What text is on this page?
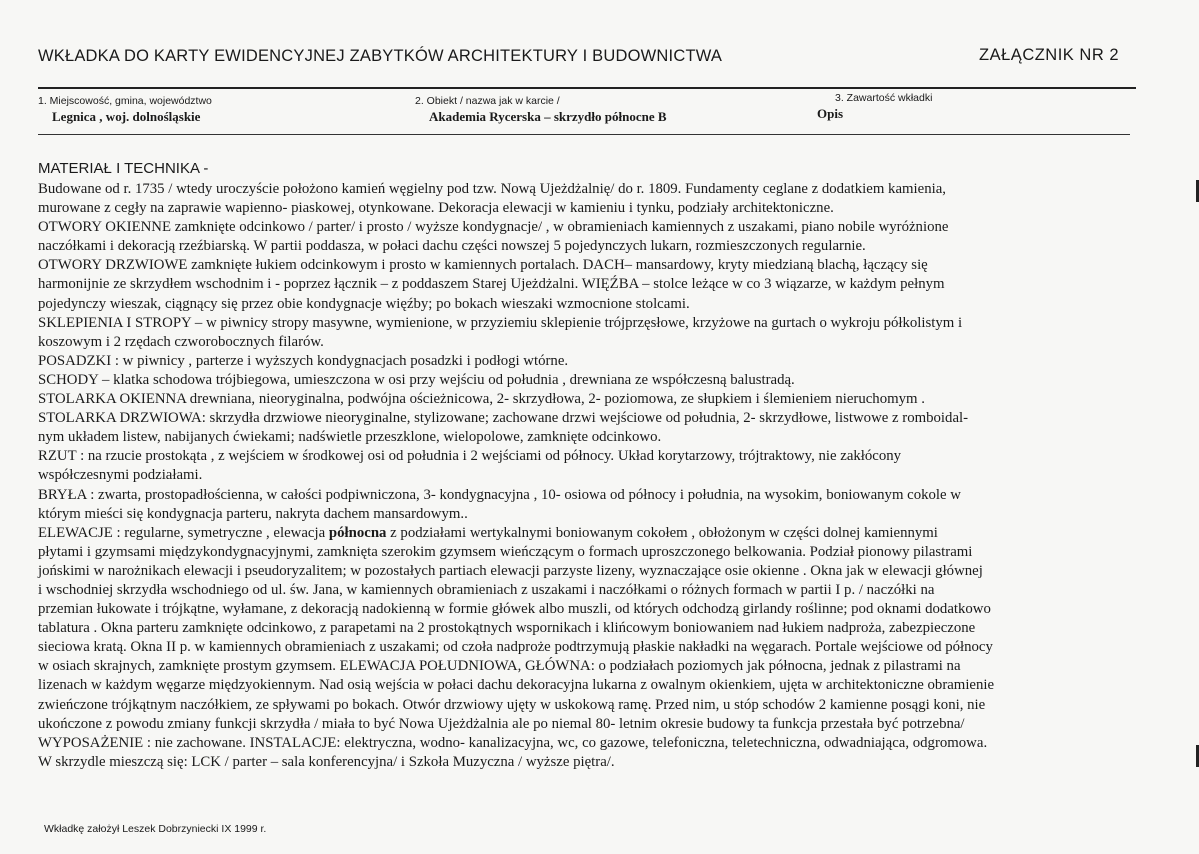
WKŁADKA DO KARTY EWIDENCYJNEJ ZABYTKÓW ARCHITEKTURY I BUDOWNICTWA	ZAŁĄCZNIK NR 2
1. Miejscowość, gmina, województwo
Legnica , woj. dolnośląskie
2. Obiekt / nazwa jak w karcie /
Akademia Rycerska – skrzydło północne B
3. Zawartość wkładki
Opis
MATERIAŁ I TECHNIKA -
Budowane od r. 1735 / wtedy uroczyście położono kamień węgielny pod tzw. Nową Ujeżdżalnię/ do r. 1809. Fundamenty ceglane z dodatkiem kamienia,
murowane z cegły na zaprawie wapienno- piaskowej, otynkowane. Dekoracja elewacji w kamieniu i tynku, podziały architektoniczne.
OTWORY OKIENNE zamknięte odcinkowo / parter/ i prosto / wyższe kondygnacje/ , w obramieniach kamiennych z uszakami, piano nobile wyróżnione
naczółkami i dekoracją rzeźbiarską. W partii poddasza, w połaci dachu części nowszej 5 pojedynczych lukarn, rozmieszczonych regularnie.
OTWORY DRZWIOWE zamknięte łukiem odcinkowym i prosto w kamiennych portalach. DACH– mansardowy, kryty miedzianą blachą, łączący się
harmonijnie ze skrzydłem wschodnim i - poprzez łącznik – z poddaszem Starej Ujeżdżalni. WIĘŹBA – stolce leżące w co 3 wiązarze, w każdym pełnym
pojedynczy wieszak, ciągnący się przez obie kondygnacje więźby; po bokach wieszaki wzmocnione stolcami.
SKLEPIENIA I STROPY – w piwnicy stropy masywne, wymienione, w przyziemiu sklepienie trójprzęsłowe, krzyżowe na gurtach o wykroju półkolistym i
koszowym i 2 rzędach czworobocznych filarów.
POSADZKI : w piwnicy , parterze i wyższych kondygnacjach posadzki i podłogi wtórne.
SCHODY – klatka schodowa trójbiegowa, umieszczona w osi przy wejściu od południa , drewniana ze współczesną balustradą.
STOLARKA OKIENNA drewniana, nieoryginalna, podwójna ościeżnicowa, 2- skrzydłowa, 2- poziomowa, ze słupkiem i ślemieniem nieruchomym .
STOLARKA DRZWIOWA: skrzydła drzwiowe nieoryginalne, stylizowane; zachowane drzwi wejściowe od południa, 2- skrzydłowe, listwowe z romboidal-
nym układem listew, nabijanych ćwiekami; nadświetle przeszklone, wielopolowe, zamknięte odcinkowo.
RZUT : na rzucie prostokąta , z wejściem w środkowej osi od południa i 2 wejściami od północy. Układ korytarzowy, trójtraktowy, nie zakłócony
współczesnymi podziałami.
BRYŁA : zwarta, prostopadłościenna, w całości podpiwniczona, 3- kondygnacyjna , 10- osiowa od północy i południa, na wysokim, boniowanym cokole w
którym mieści się kondygnacja parteru, nakryta dachem mansardowym..
ELEWACJE : regularne, symetryczne , elewacja północna z podziałami wertykalnymi boniowanym cokołem , obłożonym w części dolnej kamiennymi
płytami i gzymsami międzykondygnacyjnymi, zamknięta szerokim gzymsem wieńczącym o formach uproszczonego belkowania. Podział pionowy pilastrami
jońskimi w narożnikach elewacji i pseudoryzalitem; w pozostałych partiach elewacji parzyste lizeny, wyznaczające osie okienne . Okna jak w elewacji głównej
i wschodniej skrzydła wschodniego od ul. św. Jana, w kamiennych obramieniach z uszakami i naczółkami o różnych formach w partii I p. / naczółki na
przemian łukowate i trójkątne, wyłamane, z dekoracją nadokienną w formie główek albo muszli, od których odchodzą girlandy roślinne; pod oknami dodatkowo
tablatura . Okna parteru zamknięte odcinkowo, z parapetami na 2 prostokątnych wspornikach i klińcowym boniowaniem nad łukiem nadproża, zabezpieczone
sieciowa kratą. Okna II p. w kamiennych obramieniach z uszakami; od czoła nadproże podtrzymują płaskie nakładki na węgarach. Portale wejściowe od północy
w osiach skrajnych, zamknięte prostym gzymsem. ELEWACJA POŁUDNIOWA, GŁÓWNA: o podziałach poziomych jak północna, jednak z pilastrami na
lizenach w każdym węgarze międzyokiennym. Nad osią wejścia w połaci dachu dekoracyjna lukarna z owalnym okienkiem, ujęta w architektoniczne obramienie
zwieńczone trójkątnym naczółkiem, ze spływami po bokach. Otwór drzwiowy ujęty w uskokową ramę. Przed nim, u stóp schodów 2 kamienne posągi koni, nie
ukończone z powodu zmiany funkcji skrzydła / miała to być Nowa Ujeżdżalnia ale po niemal 80- letnim okresie budowy ta funkcja przestała być potrzebna/
WYPOSAŻENIE : nie zachowane. INSTALACJE: elektryczna, wodno- kanalizacyjna, wc, co gazowe, telefoniczna, teletechniczna, odwadniająca, odgromowa.
W skrzydle mieszczą się: LCK / parter – sala konferencyjna/ i Szkoła Muzyczna / wyższe piętra/.
Wkładkę założył Leszek Dobrzyniecki IX 1999 r.
